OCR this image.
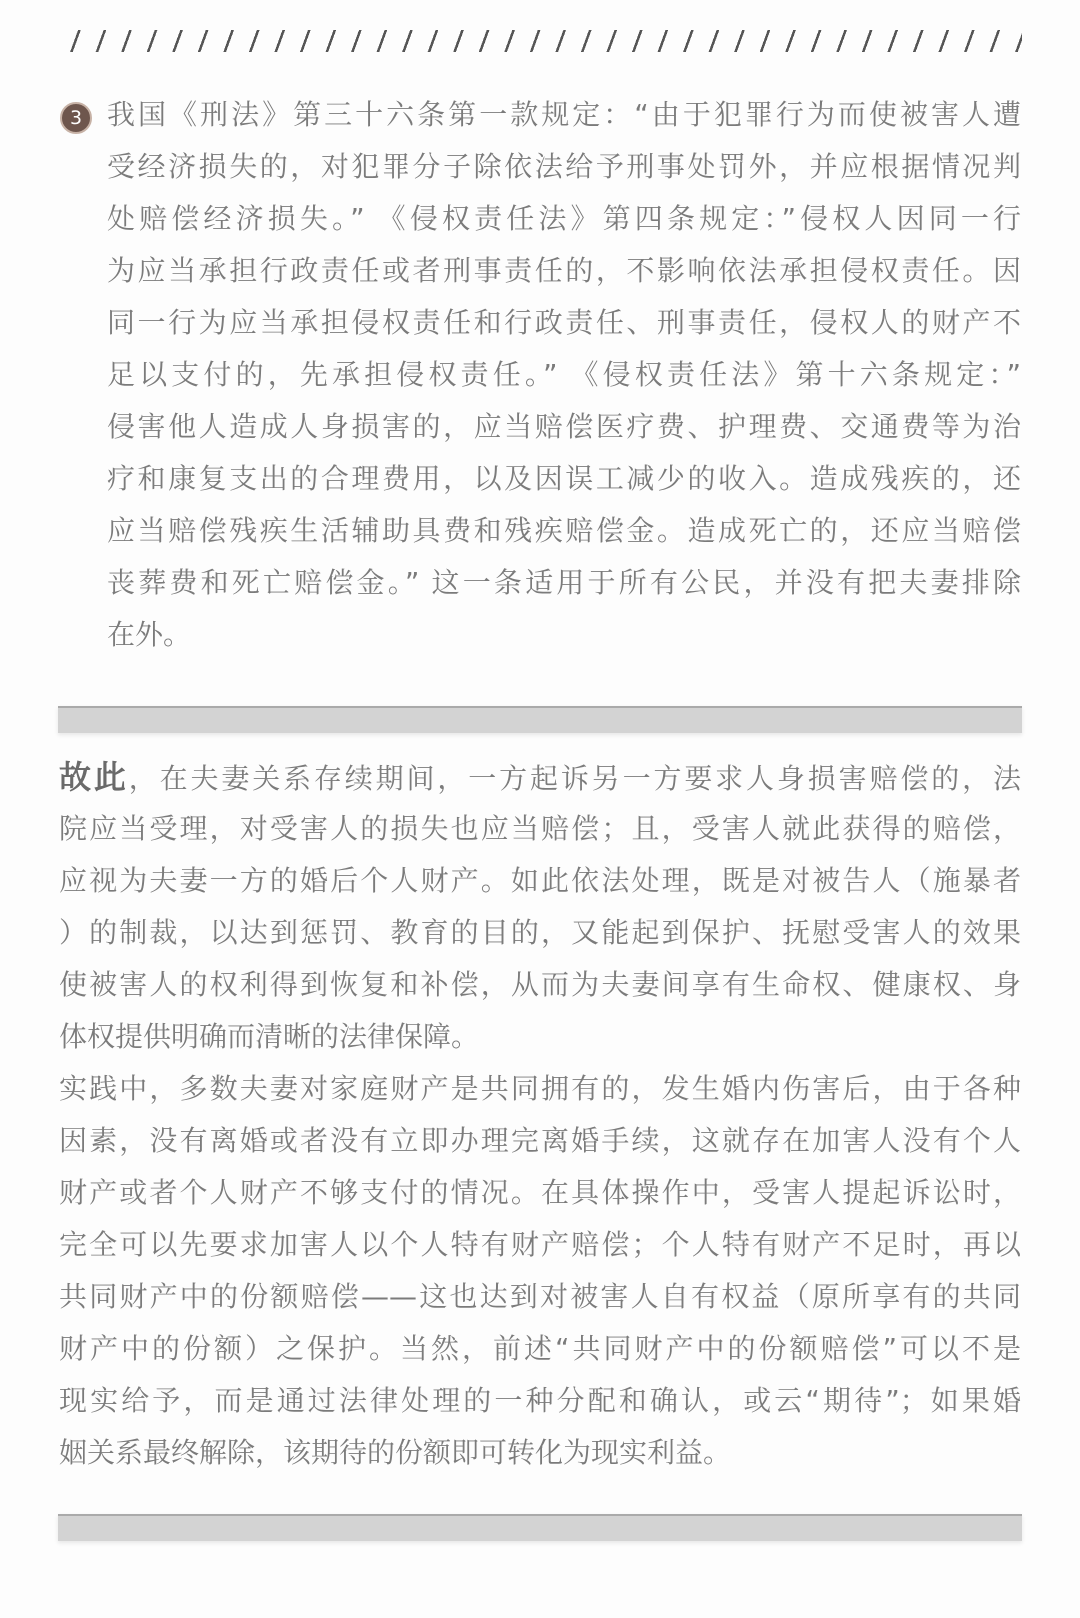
3 我国《刑法》第三十六条第一款规定：“由于犯罪行为而使被害人遭
受经济损失的，对犯罪分子除依法给予刑事处罚外，并应根据情况判
处赔偿经济损失。” 《侵权责任法》第四条规定：”侵权人因同一行
为应当承担行政责任或者刑事责任的，不影响依法承担侵权责任。因
同一行为应当承担侵权责任和行政责任、刑事责任，侵权人的财产不
足以支付的，先承担侵权责任。” 《侵权责任法》第十六条规定：”
侵害他人造成人身损害的，应当赔偿医疗费、护理费、交通费等为治
疗和康复支出的合理费用，以及因误工减少的收入。造成残疾的，还
应当赔偿残疾生活辅助具费和残疾赔偿金。造成死亡的，还应当赔偿
丧葬费和死亡赔偿金。” 这一条适用于所有公民，并没有把夫妻排除
在外。
故此，在夫妻关系存续期间，一方起诉另一方要求人身损害赔偿的，法
院应当受理，对受害人的损失也应当赔偿；且，受害人就此获得的赔偿，
应视为夫妻一方的婚后个人财产。如此依法处理，既是对被告人（施暴者
）的制裁，以达到惩罚、教育的目的，又能起到保护、抚慰受害人的效果
使被害人的权利得到恢复和补偿，从而为夫妻间享有生命权、健康权、身
体权提供明确而清晰的法律保障。
实践中，多数夫妻对家庭财产是共同拥有的，发生婚内伤害后，由于各种
因素，没有离婚或者没有立即办理完离婚手续，这就存在加害人没有个人
财产或者个人财产不够支付的情况。在具体操作中，受害人提起诉讼时，
完全可以先要求加害人以个人特有财产赔偿；个人特有财产不足时，再以
共同财产中的份额赔偿——这也达到对被害人自有权益（原所享有的共同
财产中的份额）之保护。当然，前述“共同财产中的份额赔偿”可以不是
现实给予，而是通过法律处理的一种分配和确认，或云“期待”；如果婚
姻关系最终解除，该期待的份额即可转化为现实利益。
